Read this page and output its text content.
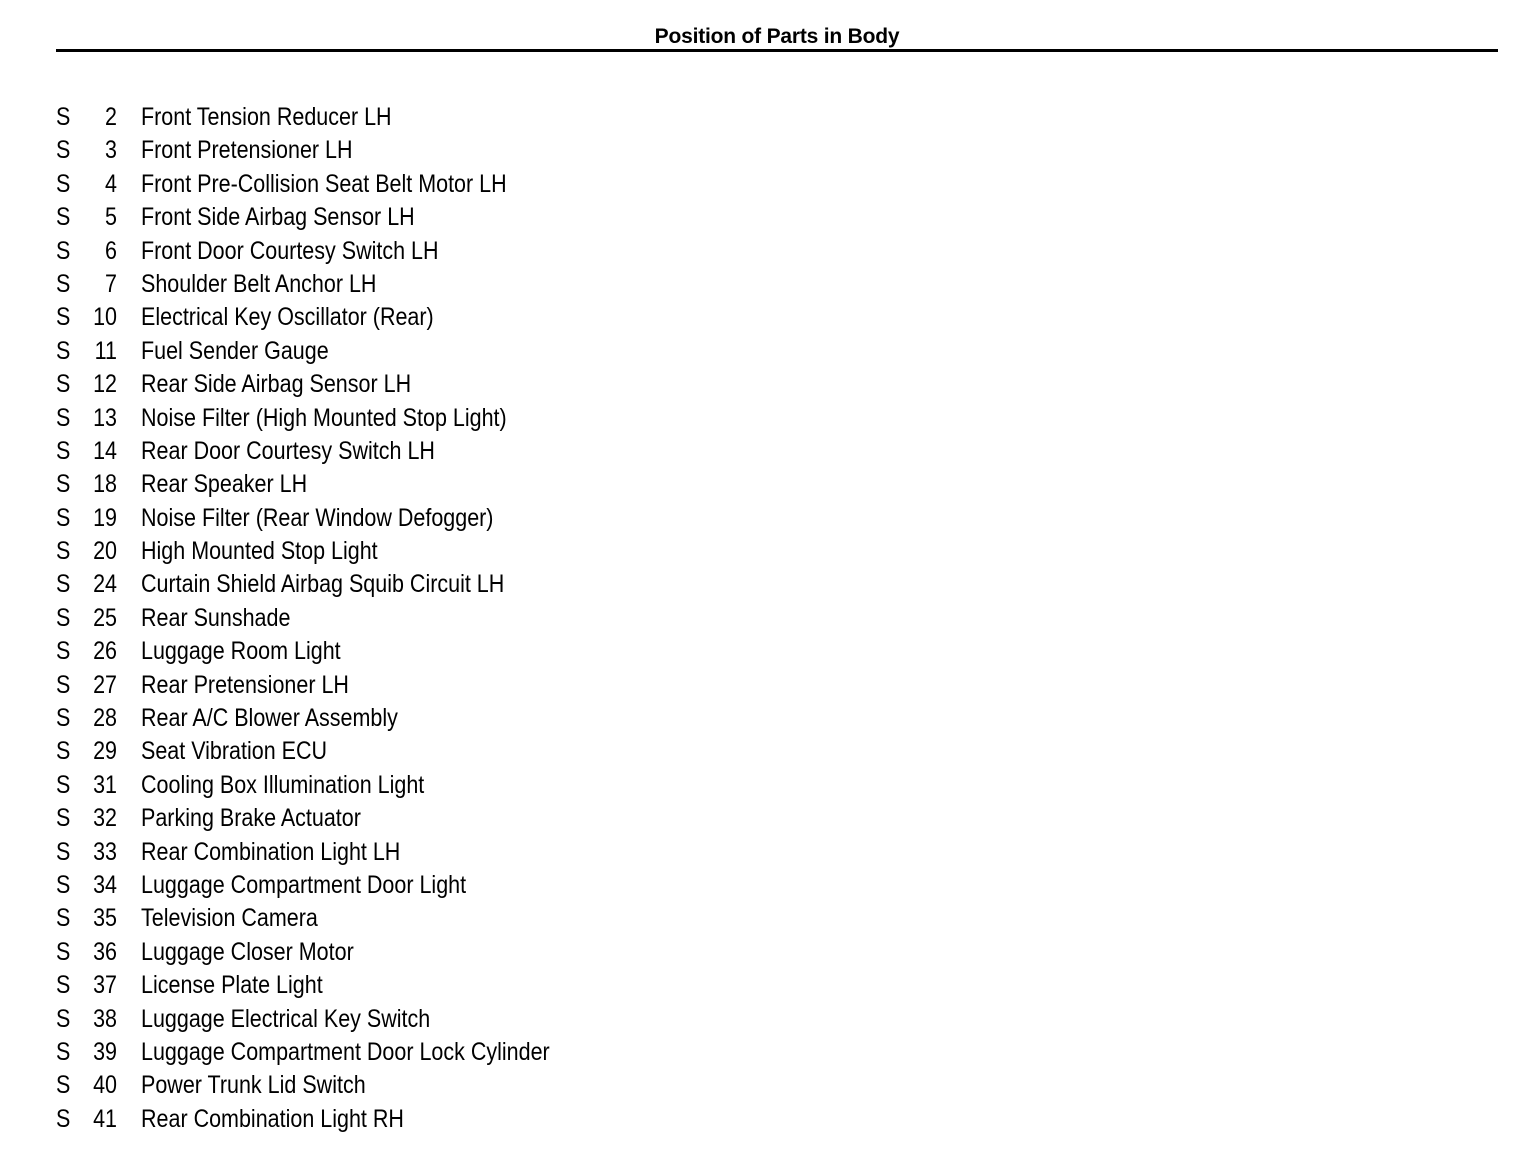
Position of Parts in Body
S	2 Front Tension Reducer LH
S	3 Front Pretensioner LH
S	4 Front Pre-Collision Seat Belt Motor LH
S	5 Front Side Airbag Sensor LH
S	6 Front Door Courtesy Switch LH
S	7 Shoulder Belt Anchor LH
S 10 Electrical Key Oscillator (Rear)
S 11 Fuel Sender Gauge
S 12 Rear Side Airbag Sensor LH
S 13 Noise Filter (High Mounted Stop Light)
S 14 Rear Door Courtesy Switch LH
S 18 Rear Speaker LH
S 19 Noise Filter (Rear Window Defogger)
S 20 High Mounted Stop Light
S 24 Curtain Shield Airbag Squib Circuit LH
S 25 Rear Sunshade
S 26 Luggage Room Light
S 27 Rear Pretensioner LH
S 28 Rear A/C Blower Assembly
S 29 Seat Vibration ECU
S 31 Cooling Box Illumination Light
S 32 Parking Brake Actuator
S 33 Rear Combination Light LH
S 34 Luggage Compartment Door Light
S 35 Television Camera
S 36 Luggage Closer Motor
S 37 License Plate Light
S 38 Luggage Electrical Key Switch
S 39 Luggage Compartment Door Lock Cylinder
S 40 Power Trunk Lid Switch
S 41 Rear Combination Light RH
